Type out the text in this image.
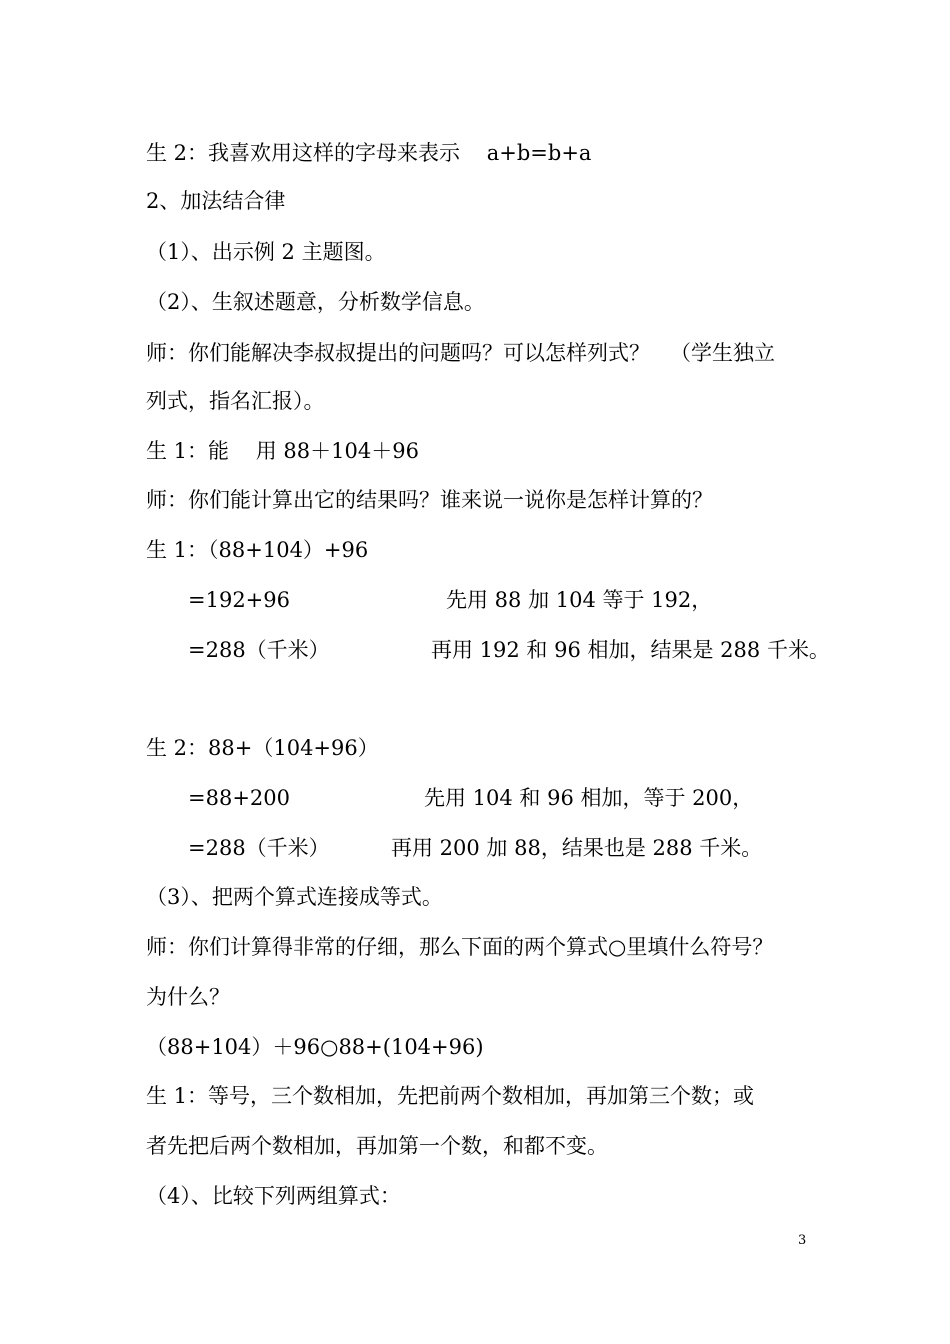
生 2：我喜欢用这样的字母来表示    a+b=b+a
2、加法结合律
（1）、出示例 2 主题图。
（2）、生叙述题意，分析数学信息。
师：你们能解决李叔叔提出的问题吗？可以怎样列式？   （学生独立
列式，指名汇报）。
生 1：能    用 88＋104＋96
师：你们能计算出它的结果吗？谁来说一说你是怎样计算的？
生 1：（88+104）+96
=192+96	先用 88 加 104 等于 192，
=288（千米）	再用 192 和 96 相加，结果是 288 千米。
生 2：88+（104+96）
=88+200	先用 104 和 96 相加，等于 200，
=288（千米）	再用 200 加 88，结果也是 288 千米。
（3）、把两个算式连接成等式。
师：你们计算得非常的仔细，那么下面的两个算式○里填什么符号？
为什么？
（88+104）＋96○88+(104+96)
生 1：等号，三个数相加，先把前两个数相加，再加第三个数；或
者先把后两个数相加，再加第一个数，和都不变。
（4）、比较下列两组算式：
3
